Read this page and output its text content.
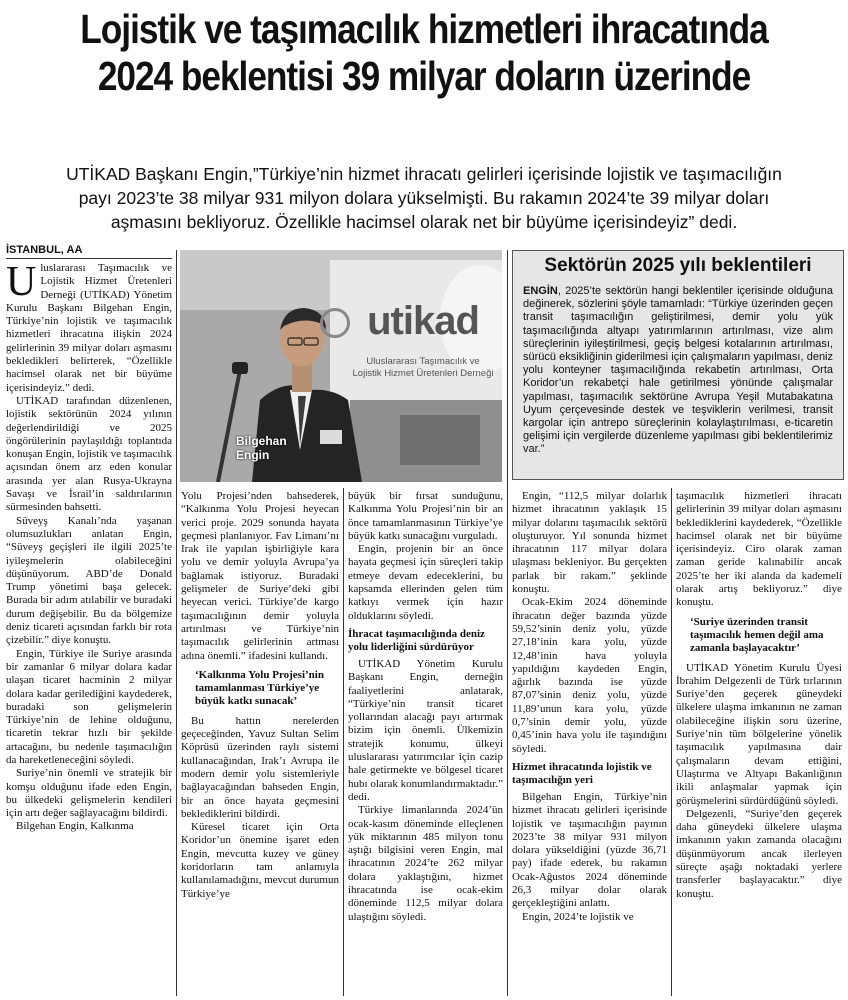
Lojistik ve taşımacılık hizmetleri ihracatında
2024 beklentisi 39 milyar doların üzerinde
UTİKAD Başkanı Engin,”Türkiye’nin hizmet ihracatı gelirleri içerisinde lojistik ve taşımacılığın
payı 2023’te 38 milyar 931 milyon dolara yükselmişti. Bu rakamın 2024’te 39 milyar doları
aşmasını bekliyoruz. Özellikle hacimsel olarak net bir büyüme içerisindeyiz” dedi.
İSTANBUL, AA

Uluslararası Taşımacılık ve Lojistik Hizmet Üretenleri Derneği (UTİKAD) Yönetim Kurulu Başkanı Bilgehan Engin, Türkiye’nin lojistik ve taşımacılık hizmetleri ihracatına ilişkin 2024 gelirlerinin 39 milyar doları aşmasını bekledikleri belirterek, “Özellikle hacimsel olarak net bir büyüme içerisindeyiz.” dedi.

UTİKAD tarafından düzenlenen, lojistik sektörünün 2024 yılının değerlendirildiği ve 2025 öngörülerinin paylaşıldığı toplantıda konuşan Engin, lojistik ve taşımacılık açısından önem arz eden konular arasında yer alan Rusya-Ukrayna Savaşı ve İsrail’in saldırılarının sürmesinden bahsetti.

Süveyş Kanalı’nda yaşanan olumsuzlukları anlatan Engin, “Süveyş geçişleri ile ilgili 2025’te iyileşmelerin olabileceğini düşünüyorum. ABD’de Donald Trump yönetimi başa gelecek. Burada bir adım atılabilir ve buradaki durum değişebilir. Bu da bölgemize deniz ticareti açısından farklı bir rota çizebilir.” diye konuştu.

Engin, Türkiye ile Suriye arasında bir zamanlar 6 milyar dolara kadar ulaşan ticaret hacminin 2 milyar dolara kadar gerilediğini kaydederek, buradaki son gelişmelerin Türkiye’nin de lehine olduğunu, ticaretin tekrar hızlı bir şekilde artacağını, bu nedenle taşımacılığın da hareketleneceğini söyledi.

Suriye’nin önemli ve stratejik bir komşu olduğunu ifade eden Engin, bu ülkedeki gelişmelerin kendileri için artı değer sağlayacağını bildirdi.

Bilgehan Engin, Kalkınma

utikad
Uluslararası Taşımacılık ve
Lojistik Hizmet Üretenleri Derneği
Bilgehan
Engin
Sektörün 2025 yılı beklentileri
ENGİN, 2025’te sektörün hangi beklentiler içerisinde olduğuna değinerek, sözlerini şöyle tamamladı: “Türkiye üzerinden geçen transit taşımacılığın geliştirilmesi, demir yolu yük taşımacılığında altyapı yatırımlarının artırılması, vize alım süreçlerinin iyileştirilmesi, geçiş belgesi kotalarının artırılması, sürücü eksikliğinin giderilmesi için çalışmaların yapılması, deniz yolu konteyner taşımacılığında rekabetin artırılması, Orta Koridor’un rekabetçi hale getirilmesi yönünde çalışmalar yapılması, taşımacılık sektörüne Avrupa Yeşil Mutabakatına Uyum çerçevesinde destek ve teşviklerin verilmesi, transit kargolar için antrepo süreçlerinin kolaylaştırılması, e-ticaretin gelişimi için vergilerde düzenleme yapılması gibi beklentilerimiz var.”

Yolu Projesi’nden bahsederek, “Kalkınma Yolu Projesi heyecan verici proje. 2029 sonunda hayata geçmesi planlanıyor. Fav Limanı’nı Irak ile yapılan işbirliğiyle kara yolu ve demir yoluyla Avrupa’ya bağlamak istiyoruz. Buradaki gelişmeler de Suriye’deki gibi heyecan verici. Türkiye’de kargo taşımacılığının demir yoluyla artırılması ve Türkiye’nin taşımacılık gelirlerinin artması adına önemli.” ifadesini kullandı.

‘Kalkınma Yolu Projesi’nin tamamlanması Türkiye’ye büyük katkı sunacak’

Bu hattın nerelerden geçeceğinden, Yavuz Sultan Selim Köprüsü üzerinden raylı sistemi kullanacağından, Irak’ı Avrupa ile modern demir yolu sistemleriyle bağlayacağından bahseden Engin, bir an önce hayata geçmesini beklediklerini bildirdi.

Küresel ticaret için Orta Koridor’un önemine işaret eden Engin, mevcutta kuzey ve güney koridorların tam anlamıyla kullanılamadığını, mevcut durumun Türkiye’ye

büyük bir fırsat sunduğunu, Kalkınma Yolu Projesi’nin bir an önce tamamlanmasının Türkiye’ye büyük katkı sunacağını vurguladı.

Engin, projenin bir an önce hayata geçmesi için süreçleri takip etmeye devam edeceklerini, bu kapsamda ellerinden gelen tüm katkıyı vermek için hazır olduklarını söyledi.

İhracat taşımacılığında deniz yolu liderliğini sürdürüyor

UTİKAD Yönetim Kurulu Başkanı Engin, derneğin faaliyetlerini anlatarak, “Türkiye’nin transit ticaret yollarından alacağı payı artırmak bizim için önemli. Ülkemizin stratejik konumu, ülkeyi uluslararası yatırımcılar için cazip hale getirmekte ve bölgesel ticaret hubı olarak konumlandırmaktadır.” dedi.

Türkiye limanlarında 2024’ün ocak-kasım döneminde elleçlenen yük miktarının 485 milyon tonu aştığı bilgisini veren Engin, mal ihracatının 2024’te 262 milyar dolara yaklaştığını, hizmet ihracatında ise ocak-ekim döneminde 112,5 milyar dolara ulaştığını söyledi.

Engin, “112,5 milyar dolarlık hizmet ihracatının yaklaşık 15 milyar dolarını taşımacılık sektörü oluşturuyor. Yıl sonunda hizmet ihracatının 117 milyar dolara ulaşması bekleniyor. Bu gerçekten parlak bir rakam.” şeklinde konuştu.

Ocak-Ekim 2024 döneminde ihracatın değer bazında yüzde 59,52’sinin deniz yolu, yüzde 27,18’inin kara yolu, yüzde 12,48’inin hava yoluyla yapıldığını kaydeden Engin, ağırlık bazında ise yüzde 87,07’sinin deniz yolu, yüzde 11,89’unun kara yolu, yüzde 0,7’sinin demir yolu, yüzde 0,45’inin hava yolu ile taşındığını söyledi.

Hizmet ihracatında lojistik ve taşımacılığın yeri

Bilgehan Engin, Türkiye’nin hizmet ihracatı gelirleri içerisinde lojistik ve taşımacılığın payının 2023’te 38 milyar 931 milyon dolara yükseldiğini (yüzde 36,71 pay) ifade ederek, bu rakamın Ocak-Ağustos 2024 döneminde 26,3 milyar dolar olarak gerçekleştiğini anlattı.

Engin, 2024’te lojistik ve

taşımacılık hizmetleri ihracatı gelirlerinin 39 milyar doları aşmasını beklediklerini kaydederek, “Özellikle hacimsel olarak net bir büyüme içerisindeyiz. Ciro olarak zaman zaman geride kalınabilir ancak 2025’te her iki alanda da kademeli olarak artış bekliyoruz.” diye konuştu.

‘Suriye üzerinden transit taşımacılık hemen değil ama zamanla başlayacaktır’

UTİKAD Yönetim Kurulu Üyesi İbrahim Delgezenli de Türk tırlarının Suriye’den geçerek güneydeki ülkelere ulaşma imkanının ne zaman olabileceğine ilişkin soru üzerine, Suriye’nin tüm bölgelerine yönelik taşımacılık yapılmasına dair çalışmaların devam ettiğini, Ulaştırma ve Altyapı Bakanlığının ikili anlaşmalar yapmak için görüşmelerini sürdürdüğünü söyledi.

Delgezenli, “Suriye’den geçerek daha güneydeki ülkelere ulaşma imkanının yakın zamanda olacağını düşünmüyorum ancak ilerleyen süreçte aşağı noktadaki yerlere transferler başlayacaktır.” diye konuştu.
